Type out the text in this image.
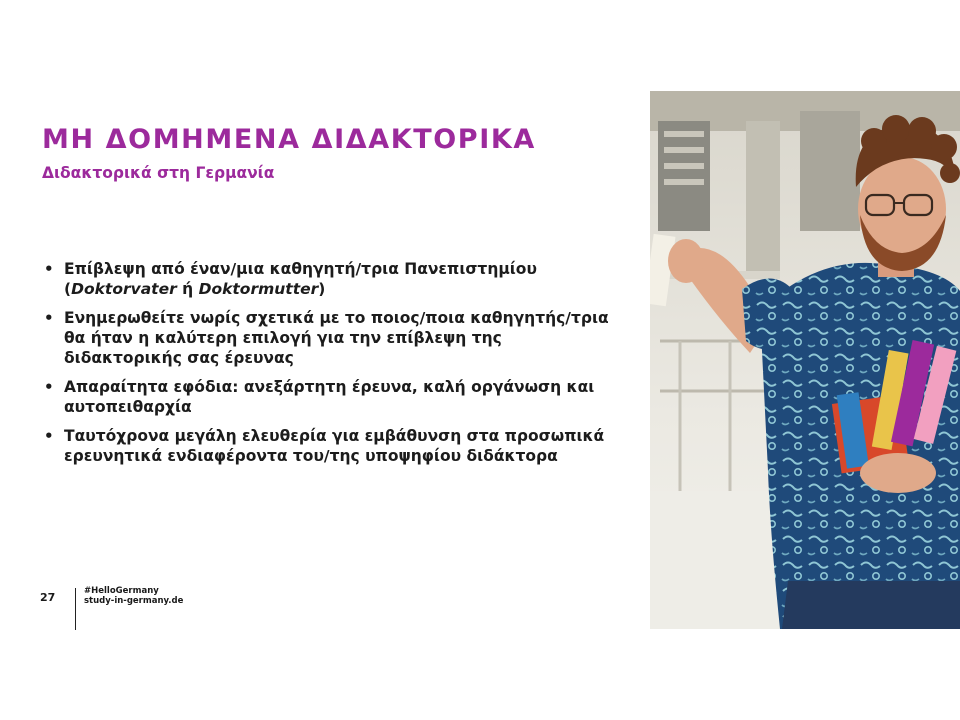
ΜΗ ΔΟΜΗΜΕΝΑ ΔΙΔΑΚΤΟΡΙΚΑ
Διδακτορικά στη Γερμανία
• Επίβλεψη από έναν/μια καθηγητή/τρια Πανεπιστημίου (Doktorvater ή Doktormutter)
• Ενημερωθείτε νωρίς σχετικά με το ποιος/ποια καθηγητής/τρια θα ήταν η καλύτερη επιλογή για την επίβλεψη της διδακτορικής σας έρευνας
• Απαραίτητα εφόδια: ανεξάρτητη έρευνα, καλή οργάνωση και αυτοπειθαρχία
• Ταυτόχρονα μεγάλη ελευθερία για εμβάθυνση στα προσωπικά ερευνητικά ενδιαφέροντα του/της υποψηφίου διδάκτορα
27	#HelloGermany
study-in-germany.de
